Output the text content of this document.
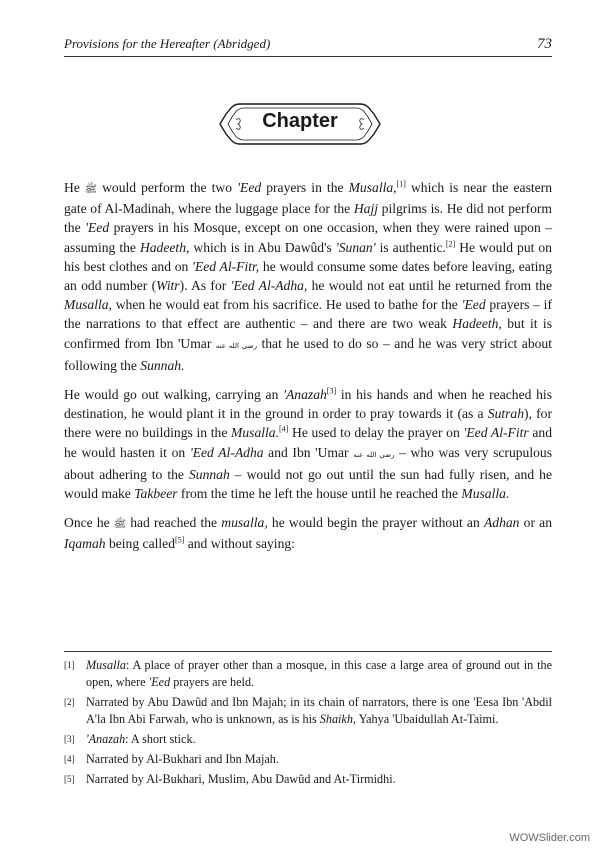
Provisions for the Hereafter (Abridged)	73
Chapter

He ﷺ would perform the two 'Eed prayers in the Musalla,[1] which is near the eastern gate of Al-Madinah, where the luggage place for the Hajj pilgrims is. He did not perform the 'Eed prayers in his Mosque, except on one occasion, when they were rained upon – assuming the Hadeeth, which is in Abu Dawûd's 'Sunan' is authentic.[2] He would put on his best clothes and on 'Eed Al-Fitr, he would consume some dates before leaving, eating an odd number (Witr). As for 'Eed Al-Adha, he would not eat until he returned from the Musalla, when he would eat from his sacrifice. He used to bathe for the 'Eed prayers – if the narrations to that effect are authentic – and there are two weak Hadeeth, but it is confirmed from Ibn 'Umar رضي الله عنه that he used to do so – and he was very strict about following the Sunnah.

He would go out walking, carrying an 'Anazah[3] in his hands and when he reached his destination, he would plant it in the ground in order to pray towards it (as a Sutrah), for there were no buildings in the Musalla.[4] He used to delay the prayer on 'Eed Al-Fitr and he would hasten it on 'Eed Al-Adha and Ibn 'Umar رضي الله عنه – who was very scrupulous about adhering to the Sunnah – would not go out until the sun had fully risen, and he would make Takbeer from the time he left the house until he reached the Musalla.

Once he ﷺ had reached the musalla, he would begin the prayer without an Adhan or an Iqamah being called[5] and without saying:

[1] Musalla: A place of prayer other than a mosque, in this case a large area of ground out in the open, where 'Eed prayers are held.
[2] Narrated by Abu Dawûd and Ibn Majah; in its chain of narrators, there is one 'Eesa Ibn 'Abdil A'la Ibn Abi Farwah, who is unknown, as is his Shaikh, Yahya 'Ubaidullah At-Taimi.
[3] 'Anazah: A short stick.
[4] Narrated by Al-Bukhari and Ibn Majah.
[5] Narrated by Al-Bukhari, Muslim, Abu Dawûd and At-Tirmidhi.
WOWSlider.com
